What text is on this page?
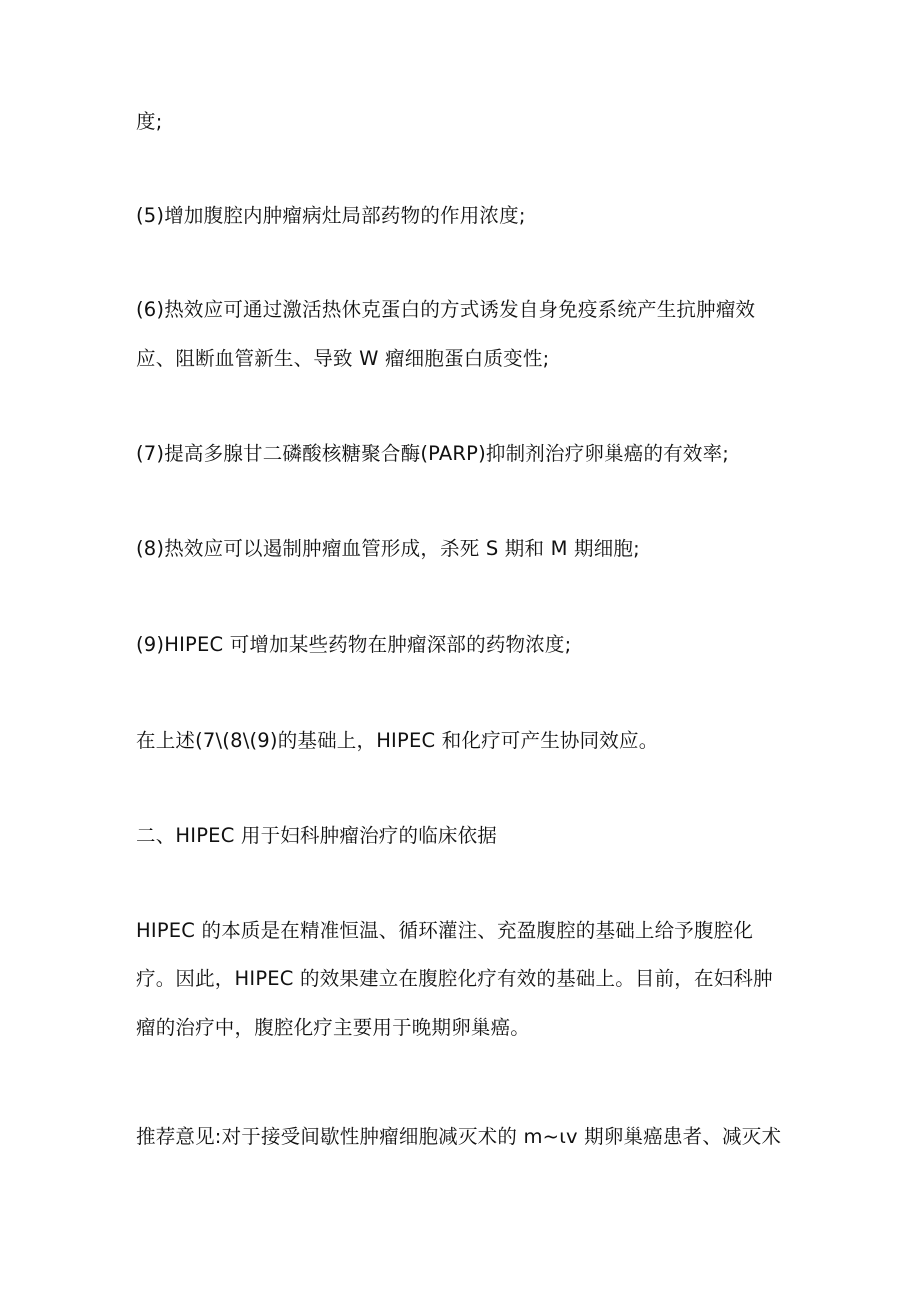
度;
(5)增加腹腔内肿瘤病灶局部药物的作用浓度;
(6)热效应可通过激活热休克蛋白的方式诱发自身免疫系统产生抗肿瘤效
应、阻断血管新生、导致 W 瘤细胞蛋白质变性;
(7)提高多腺甘二磷酸核糖聚合酶(PARP)抑制剂治疗卵巢癌的有效率;
(8)热效应可以遏制肿瘤血管形成，杀死 S 期和 M 期细胞;
(9)HIPEC 可增加某些药物在肿瘤深部的药物浓度;
在上述(7\(8\(9)的基础上，HIPEC 和化疗可产生协同效应。
二、HIPEC 用于妇科肿瘤治疗的临床依据
HIPEC 的本质是在精准恒温、循环灌注、充盈腹腔的基础上给予腹腔化
疗。因此，HIPEC 的效果建立在腹腔化疗有效的基础上。目前，在妇科肿
瘤的治疗中，腹腔化疗主要用于晚期卵巢癌。
推荐意见:对于接受间歇性肿瘤细胞减灭术的 m~ιv 期卵巢癌患者、减灭术
